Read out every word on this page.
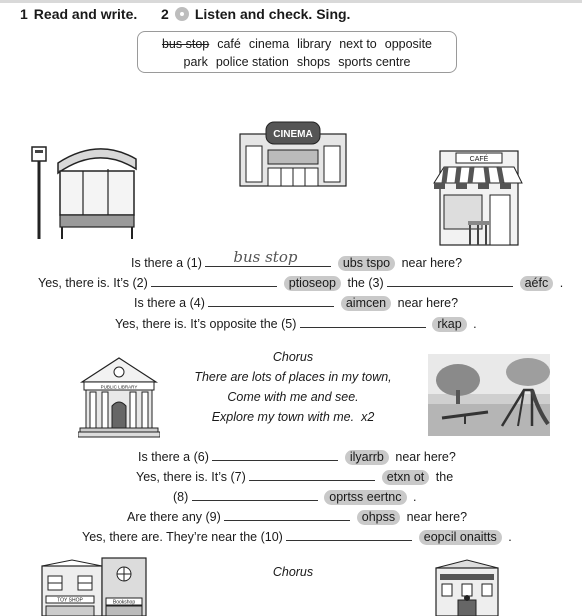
1 Read and write. 2 Listen and check. Sing.
bus stop café cinema library next to opposite
park police station shops sports centre
CINEMA
CAFÉ
Is there a (1) bus stop	ubs tspo near here?
Yes, there is. It’s (2)	ptioseop the (3)	aéfc .
Is there a (4)	aimcen near here?
Yes, there is. It’s opposite the (5)	rkap .
PUBLIC LIBRARY
Chorus
There are lots of places in my town,
Come with me and see.
Explore my town with me. x2
Is there a (6)	ilyarrb near here?
Yes, there is. It’s (7)	etxn ot the
(8)	oprtss eertnc .
Are there any (9)	ohpss near here?
Yes, there are. They’re near the (10)	eopcil onaitts .
TOY SHOP	Bookshop
Chorus
